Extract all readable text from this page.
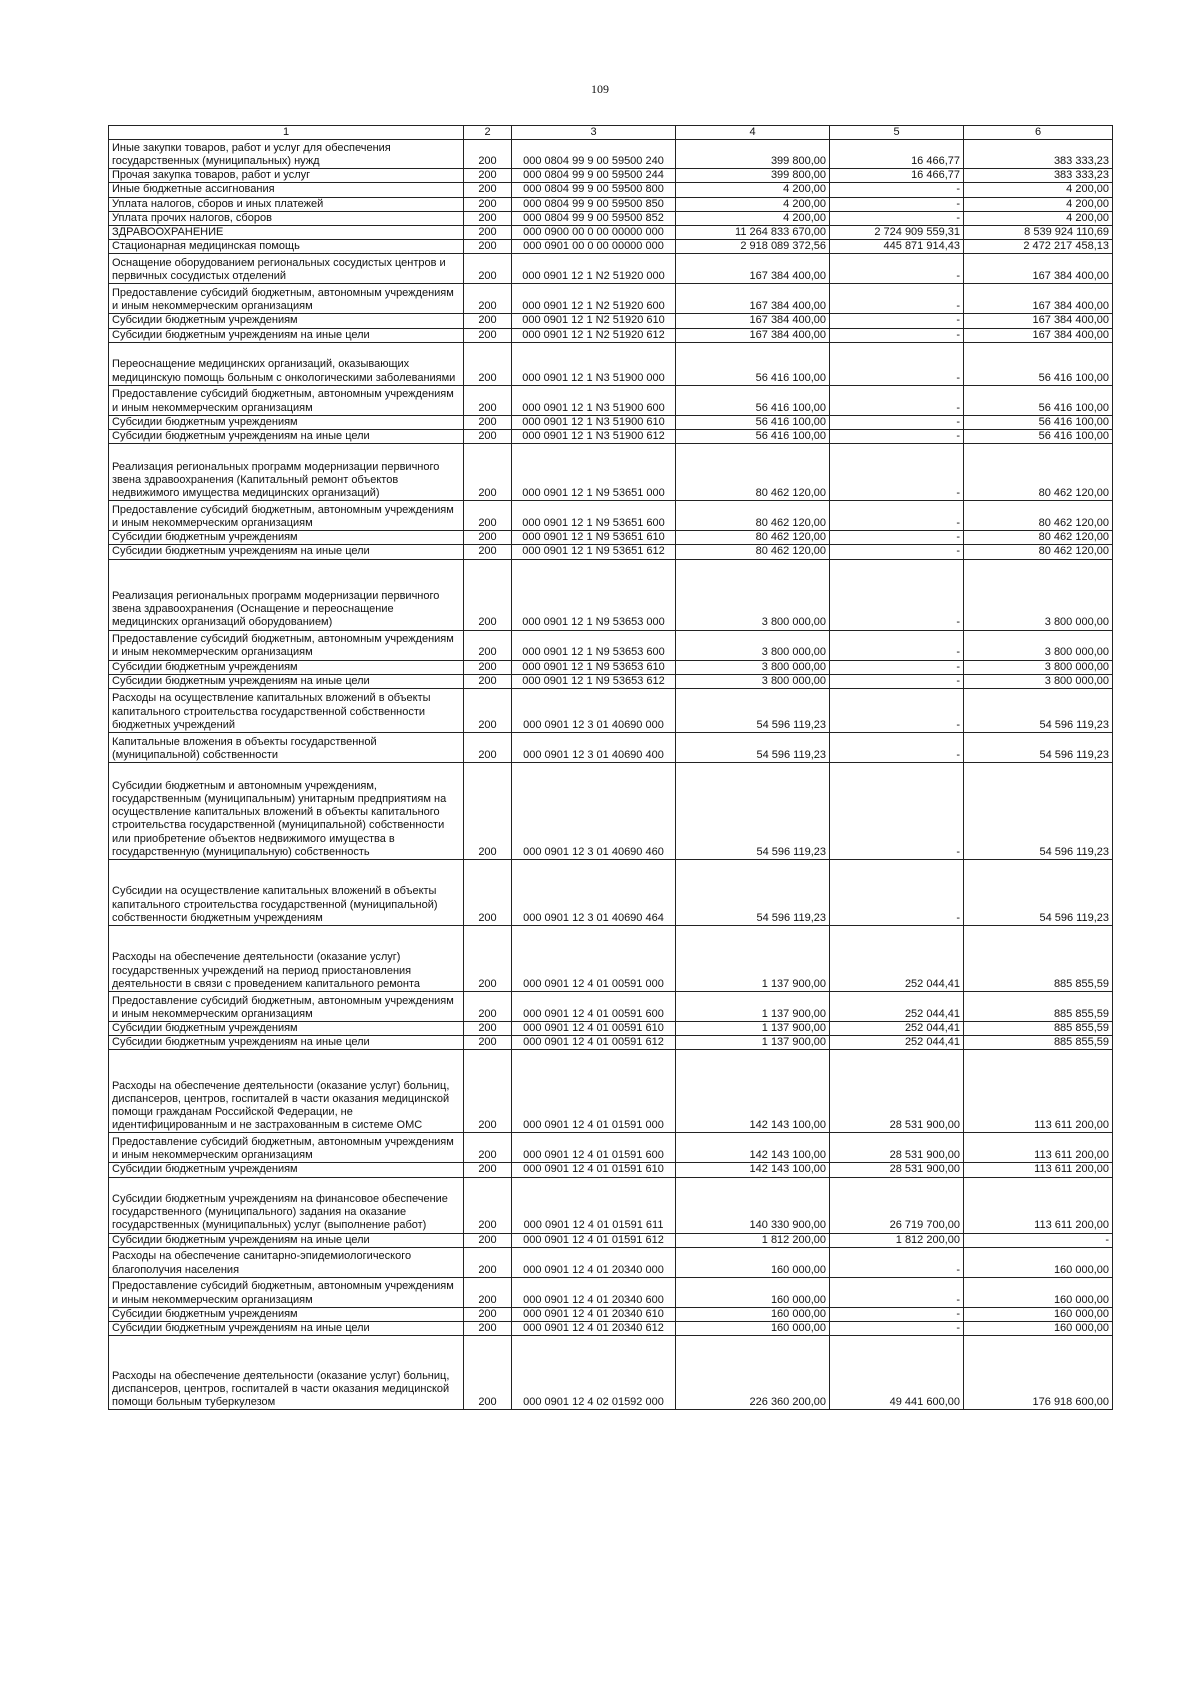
109
1	2	3	4	5	6
Иные закупки товаров, работ и услуг для обеспечения государственных (муниципальных) нужд	200	000 0804 99 9 00 59500 240	399 800,00	16 466,77	383 333,23
Прочая закупка товаров, работ и услуг	200	000 0804 99 9 00 59500 244	399 800,00	16 466,77	383 333,23
Иные бюджетные ассигнования	200	000 0804 99 9 00 59500 800	4 200,00	-	4 200,00
Уплата налогов, сборов и иных платежей	200	000 0804 99 9 00 59500 850	4 200,00	-	4 200,00
Уплата прочих налогов, сборов	200	000 0804 99 9 00 59500 852	4 200,00	-	4 200,00
ЗДРАВООХРАНЕНИЕ	200	000 0900 00 0 00 00000 000	11 264 833 670,00	2 724 909 559,31	8 539 924 110,69
Стационарная медицинская помощь	200	000 0901 00 0 00 00000 000	2 918 089 372,56	445 871 914,43	2 472 217 458,13
Оснащение оборудованием региональных сосудистых центров и первичных сосудистых отделений	200	000 0901 12 1 N2 51920 000	167 384 400,00	-	167 384 400,00
Предоставление субсидий бюджетным, автономным учреждениям и иным некоммерческим организациям	200	000 0901 12 1 N2 51920 600	167 384 400,00	-	167 384 400,00
Субсидии бюджетным учреждениям	200	000 0901 12 1 N2 51920 610	167 384 400,00	-	167 384 400,00
Субсидии бюджетным учреждениям на иные цели	200	000 0901 12 1 N2 51920 612	167 384 400,00	-	167 384 400,00
Переоснащение медицинских организаций, оказывающих медицинскую помощь больным с онкологическими заболеваниями	200	000 0901 12 1 N3 51900 000	56 416 100,00	-	56 416 100,00
Предоставление субсидий бюджетным, автономным учреждениям и иным некоммерческим организациям	200	000 0901 12 1 N3 51900 600	56 416 100,00	-	56 416 100,00
Субсидии бюджетным учреждениям	200	000 0901 12 1 N3 51900 610	56 416 100,00	-	56 416 100,00
Субсидии бюджетным учреждениям на иные цели	200	000 0901 12 1 N3 51900 612	56 416 100,00	-	56 416 100,00
Реализация региональных программ модернизации первичного звена здравоохранения (Капитальный ремонт объектов недвижимого имущества медицинских организаций)	200	000 0901 12 1 N9 53651 000	80 462 120,00	-	80 462 120,00
Предоставление субсидий бюджетным, автономным учреждениям и иным некоммерческим организациям	200	000 0901 12 1 N9 53651 600	80 462 120,00	-	80 462 120,00
Субсидии бюджетным учреждениям	200	000 0901 12 1 N9 53651 610	80 462 120,00	-	80 462 120,00
Субсидии бюджетным учреждениям на иные цели	200	000 0901 12 1 N9 53651 612	80 462 120,00	-	80 462 120,00
Реализация региональных программ модернизации первичного звена здравоохранения (Оснащение и переоснащение медицинских организаций оборудованием)	200	000 0901 12 1 N9 53653 000	3 800 000,00	-	3 800 000,00
Предоставление субсидий бюджетным, автономным учреждениям и иным некоммерческим организациям	200	000 0901 12 1 N9 53653 600	3 800 000,00	-	3 800 000,00
Субсидии бюджетным учреждениям	200	000 0901 12 1 N9 53653 610	3 800 000,00	-	3 800 000,00
Субсидии бюджетным учреждениям на иные цели	200	000 0901 12 1 N9 53653 612	3 800 000,00	-	3 800 000,00
Расходы на осуществление капитальных вложений в объекты капитального строительства государственной собственности бюджетных учреждений	200	000 0901 12 3 01 40690 000	54 596 119,23	-	54 596 119,23
Капитальные вложения в объекты государственной (муниципальной) собственности	200	000 0901 12 3 01 40690 400	54 596 119,23	-	54 596 119,23
Субсидии бюджетным и автономным учреждениям, государственным (муниципальным) унитарным предприятиям на осуществление капитальных вложений в объекты капитального строительства государственной (муниципальной) собственности или приобретение объектов недвижимого имущества в государственную (муниципальную) собственность	200	000 0901 12 3 01 40690 460	54 596 119,23	-	54 596 119,23
Субсидии на осуществление капитальных вложений в объекты капитального строительства государственной (муниципальной) собственности бюджетным учреждениям	200	000 0901 12 3 01 40690 464	54 596 119,23	-	54 596 119,23
Расходы на обеспечение деятельности (оказание услуг) государственных учреждений на период приостановления деятельности в связи с проведением капитального ремонта	200	000 0901 12 4 01 00591 000	1 137 900,00	252 044,41	885 855,59
Предоставление субсидий бюджетным, автономным учреждениям и иным некоммерческим организациям	200	000 0901 12 4 01 00591 600	1 137 900,00	252 044,41	885 855,59
Субсидии бюджетным учреждениям	200	000 0901 12 4 01 00591 610	1 137 900,00	252 044,41	885 855,59
Субсидии бюджетным учреждениям на иные цели	200	000 0901 12 4 01 00591 612	1 137 900,00	252 044,41	885 855,59
Расходы на обеспечение деятельности (оказание услуг) больниц, диспансеров, центров, госпиталей в части оказания медицинской помощи гражданам Российской Федерации, не идентифицированным и не застрахованным в системе ОМС	200	000 0901 12 4 01 01591 000	142 143 100,00	28 531 900,00	113 611 200,00
Предоставление субсидий бюджетным, автономным учреждениям и иным некоммерческим организациям	200	000 0901 12 4 01 01591 600	142 143 100,00	28 531 900,00	113 611 200,00
Субсидии бюджетным учреждениям	200	000 0901 12 4 01 01591 610	142 143 100,00	28 531 900,00	113 611 200,00
Субсидии бюджетным учреждениям на финансовое обеспечение государственного (муниципального) задания на оказание государственных (муниципальных) услуг (выполнение работ)	200	000 0901 12 4 01 01591 611	140 330 900,00	26 719 700,00	113 611 200,00
Субсидии бюджетным учреждениям на иные цели	200	000 0901 12 4 01 01591 612	1 812 200,00	1 812 200,00	-
Расходы на обеспечение санитарно-эпидемиологического благополучия населения	200	000 0901 12 4 01 20340 000	160 000,00	-	160 000,00
Предоставление субсидий бюджетным, автономным учреждениям и иным некоммерческим организациям	200	000 0901 12 4 01 20340 600	160 000,00	-	160 000,00
Субсидии бюджетным учреждениям	200	000 0901 12 4 01 20340 610	160 000,00	-	160 000,00
Субсидии бюджетным учреждениям на иные цели	200	000 0901 12 4 01 20340 612	160 000,00	-	160 000,00
Расходы на обеспечение деятельности (оказание услуг) больниц, диспансеров, центров, госпиталей в части оказания медицинской помощи больным туберкулезом	200	000 0901 12 4 02 01592 000	226 360 200,00	49 441 600,00	176 918 600,00
